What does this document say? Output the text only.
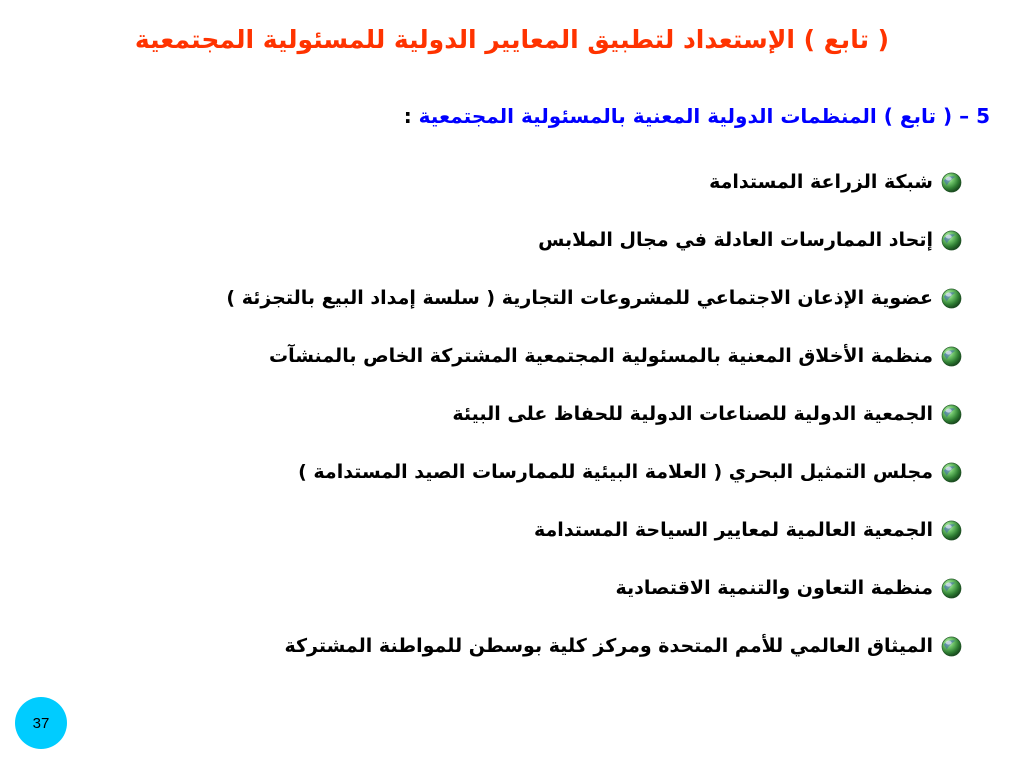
( تابع ) الإستعداد لتطبيق المعايير الدولية للمسئولية المجتمعية
5 – ( تابع ) المنظمات الدولية المعنية بالمسئولية المجتمعية :
شبكة الزراعة المستدامة
إتحاد الممارسات العادلة في مجال الملابس
عضوية الإذعان الاجتماعي للمشروعات التجارية ( سلسة إمداد البيع بالتجزئة )
منظمة الأخلاق المعنية بالمسئولية المجتمعية المشتركة الخاص بالمنشآت
الجمعية الدولية للصناعات الدولية للحفاظ على البيئة
مجلس التمثيل البحري ( العلامة البيئية للممارسات الصيد المستدامة )
الجمعية العالمية لمعايير السياحة المستدامة
منظمة التعاون والتنمية الاقتصادية
الميثاق العالمي للأمم المتحدة ومركز كلية بوسطن للمواطنة المشتركة
37
